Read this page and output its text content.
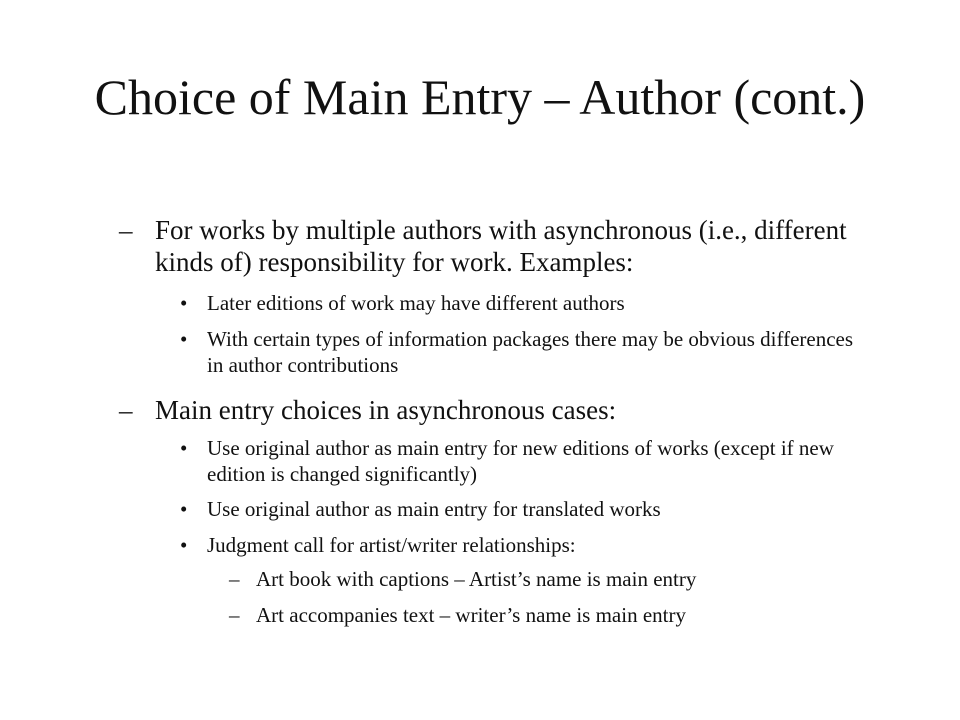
Choice of Main Entry – Author (cont.)
– For works by multiple authors with asynchronous (i.e., different kinds of) responsibility for work. Examples:
• Later editions of work may have different authors
• With certain types of information packages there may be obvious differences in author contributions
– Main entry choices in asynchronous cases:
• Use original author as main entry for new editions of works (except if new edition is changed significantly)
• Use original author as main entry for translated works
• Judgment call for artist/writer relationships:
– Art book with captions – Artist’s name is main entry
– Art accompanies text – writer’s name is main entry
